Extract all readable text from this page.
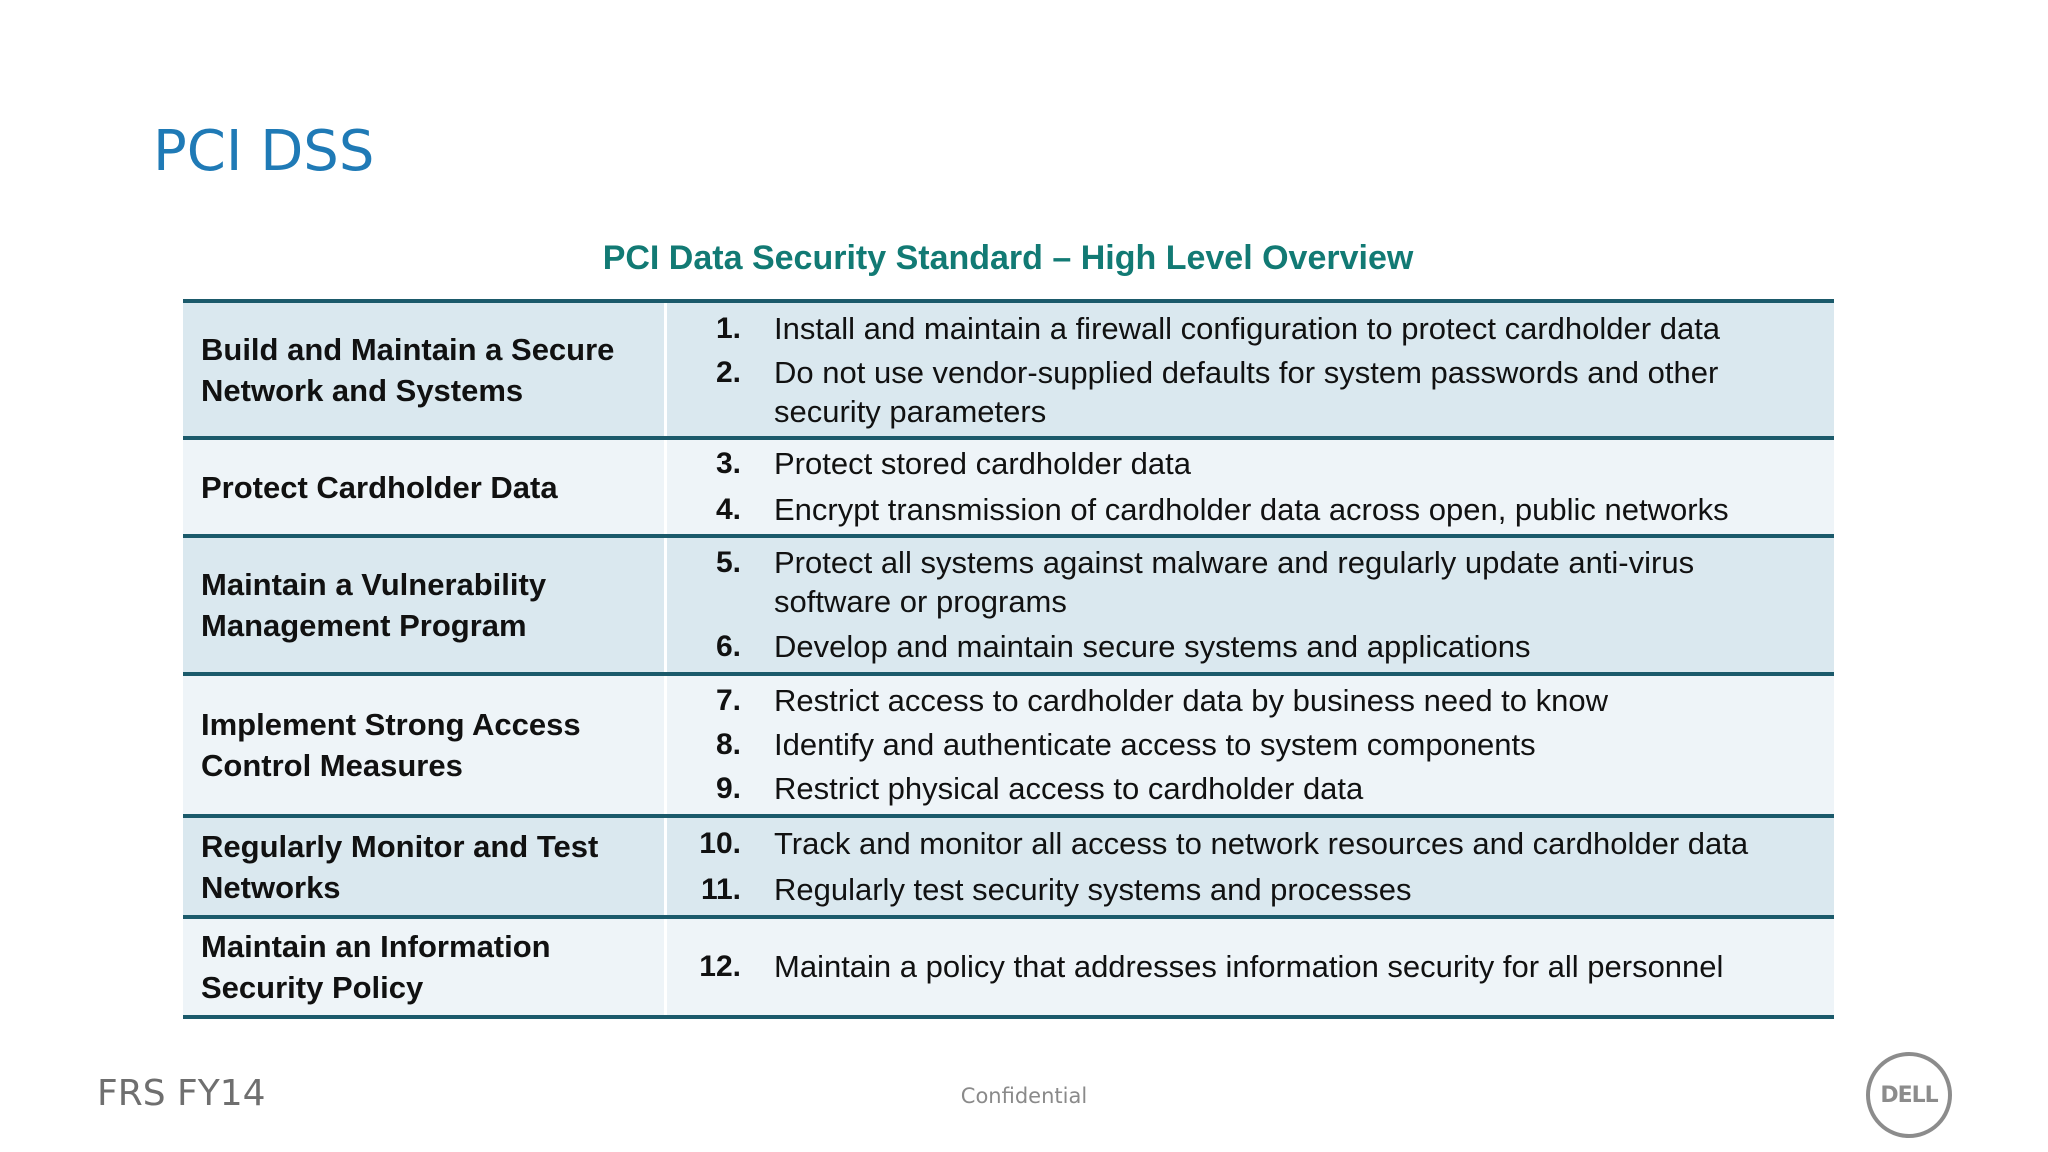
PCI DSS
PCI Data Security Standard – High Level Overview
Build and Maintain a Secure Network and Systems
1.	Install and maintain a firewall configuration to protect cardholder data
2.	Do not use vendor-supplied defaults for system passwords and other security parameters
Protect Cardholder Data
3.	Protect stored cardholder data
4.	Encrypt transmission of cardholder data across open, public networks
Maintain a Vulnerability Management Program
5.	Protect all systems against malware and regularly update anti-virus software or programs
6.	Develop and maintain secure systems and applications
Implement Strong Access Control Measures
7.	Restrict access to cardholder data by business need to know
8.	Identify and authenticate access to system components
9.	Restrict physical access to cardholder data
Regularly Monitor and Test Networks
10.	Track and monitor all access to network resources and cardholder data
11.	Regularly test security systems and processes
Maintain an Information Security Policy
12.	Maintain a policy that addresses information security for all personnel
FRS FY14	Confidential	DELL
